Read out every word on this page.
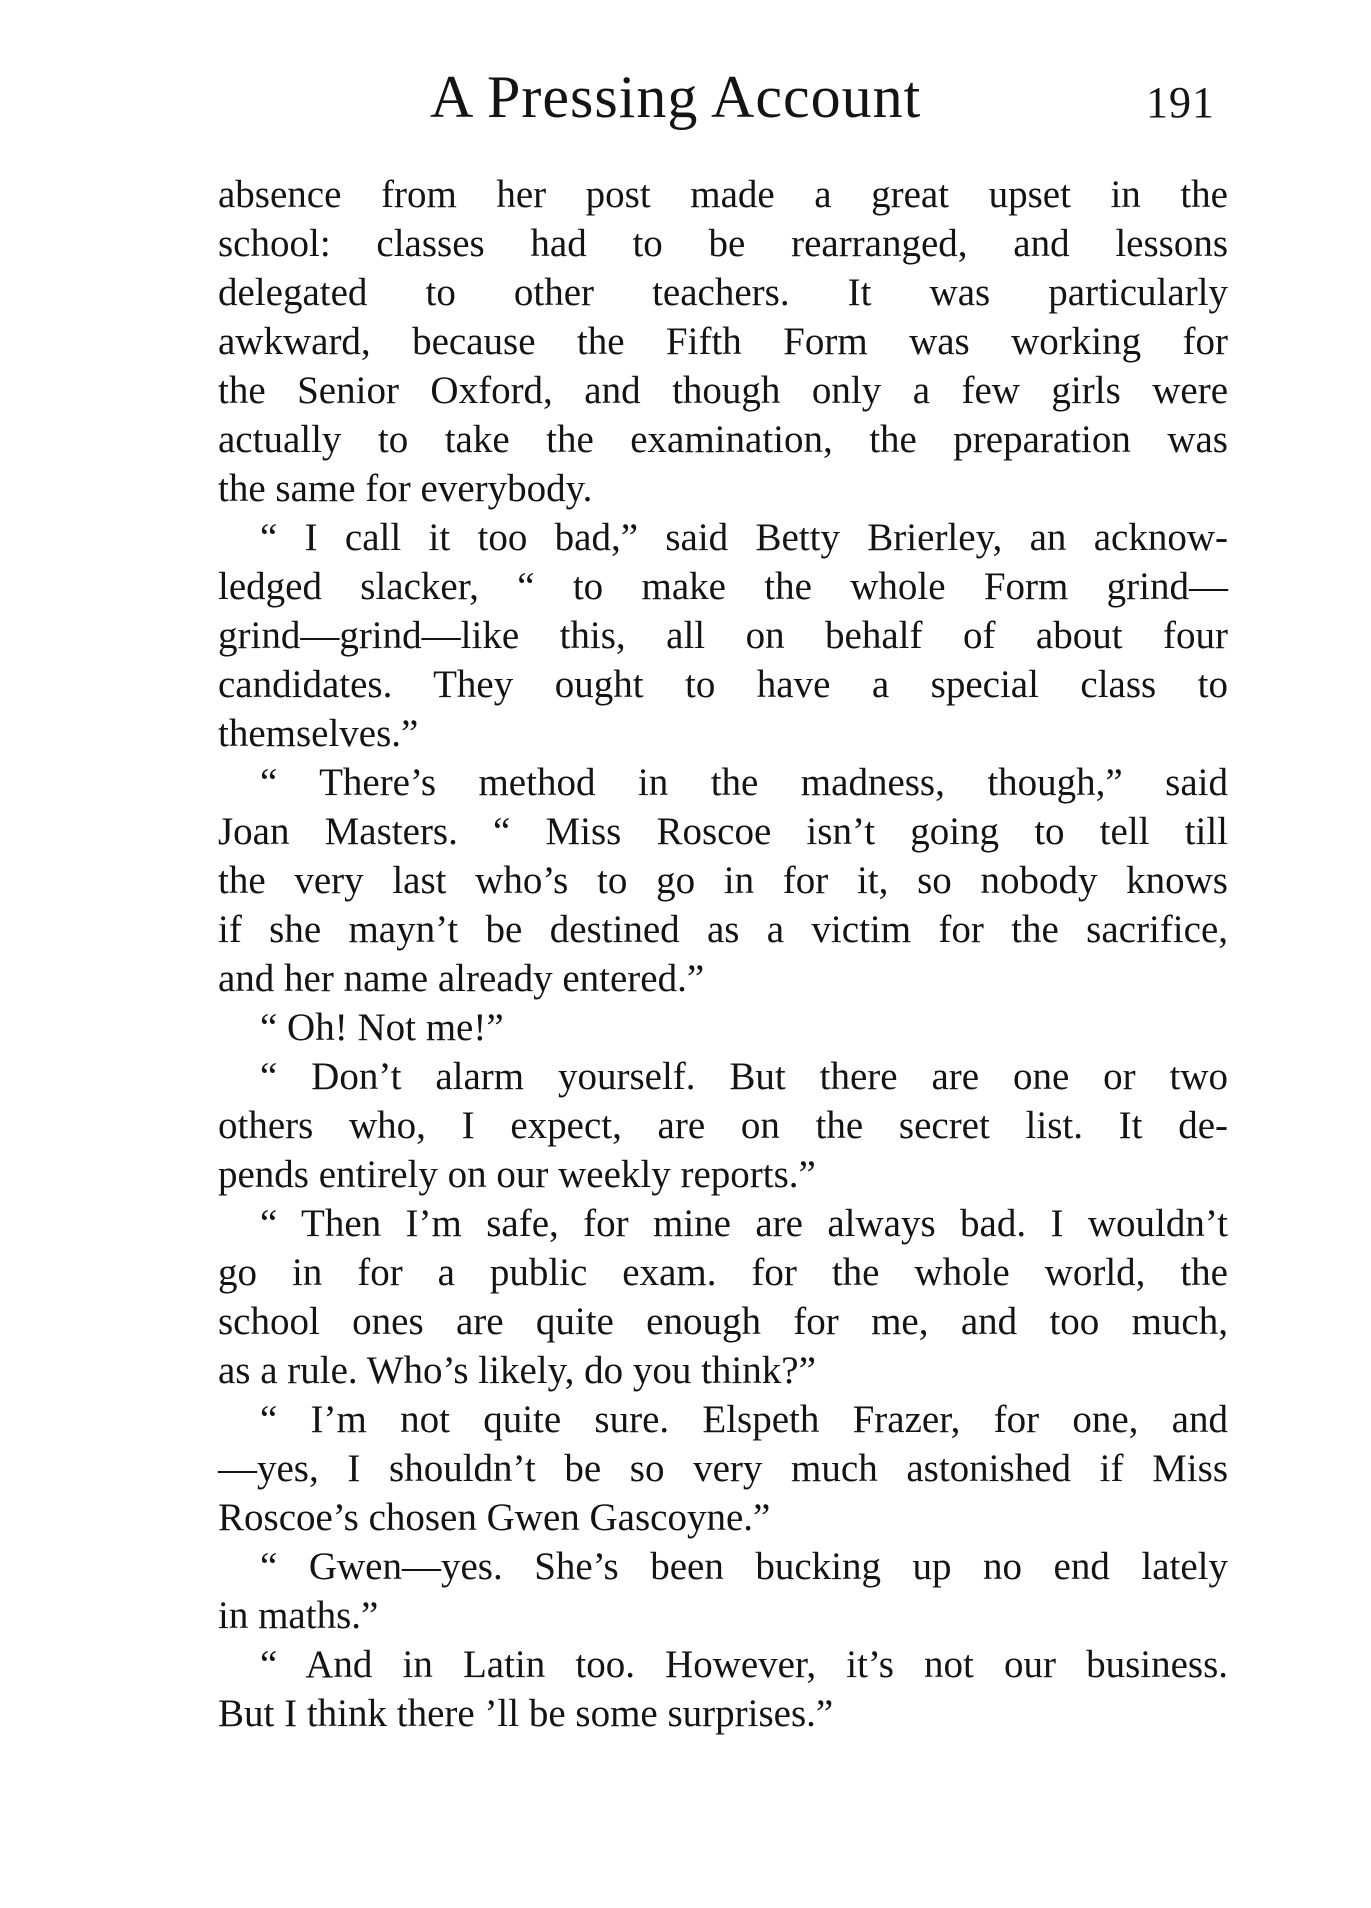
A Pressing Account	191
absence from her post made a great upset in the
school: classes had to be rearranged, and lessons
delegated to other teachers. It was particularly
awkward, because the Fifth Form was working for
the Senior Oxford, and though only a few girls were
actually to take the examination, the preparation was
the same for everybody.
“ I call it too bad,” said Betty Brierley, an acknow-
ledged slacker, “ to make the whole Form grind—
grind—grind—like this, all on behalf of about four
candidates. They ought to have a special class to
themselves.”
“ There’s method in the madness, though,” said
Joan Masters. “ Miss Roscoe isn’t going to tell till
the very last who’s to go in for it, so nobody knows
if she mayn’t be destined as a victim for the sacrifice,
and her name already entered.”
“ Oh! Not me!”
“ Don’t alarm yourself. But there are one or two
others who, I expect, are on the secret list. It de-
pends entirely on our weekly reports.”
“ Then I’m safe, for mine are always bad. I wouldn’t
go in for a public exam. for the whole world, the
school ones are quite enough for me, and too much,
as a rule. Who’s likely, do you think?”
“ I’m not quite sure. Elspeth Frazer, for one, and
—yes, I shouldn’t be so very much astonished if Miss
Roscoe’s chosen Gwen Gascoyne.”
“ Gwen—yes. She’s been bucking up no end lately
in maths.”
“ And in Latin too. However, it’s not our business.
But I think there ’ll be some surprises.”
